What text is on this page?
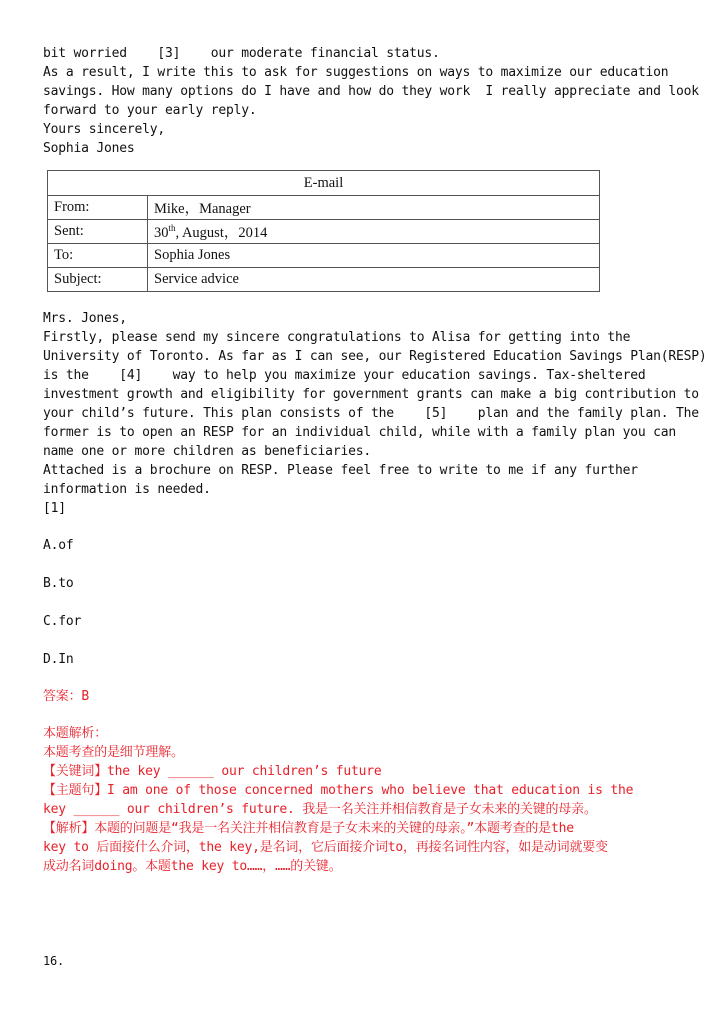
bit worried    [3]    our moderate financial status.
As a result, I write this to ask for suggestions on ways to maximize our education
savings. How many options do I have and how do they work  I really appreciate and look
forward to your early reply.
Yours sincerely,
Sophia Jones
E-mail	
From:	Mike，Manager
Sent:	30th, August，2014
To:	Sophia Jones
Subject:	Service advice
Mrs. Jones,
Firstly, please send my sincere congratulations to Alisa for getting into the
University of Toronto. As far as I can see, our Registered Education Savings Plan(RESP)
is the    [4]    way to help you maximize your education savings. Tax-sheltered
investment growth and eligibility for government grants can make a big contribution to
your child’s future. This plan consists of the    [5]    plan and the family plan. The
former is to open an RESP for an individual child, while with a family plan you can
name one or more children as beneficiaries.
Attached is a brochure on RESP. Please feel free to write to me if any further
information is needed.
[1]
A.of
B.to
C.for
D.In
答案：B
本题解析：
本题考查的是细节理解。
【关键词】the key ______ our children’s future
【主题句】I am one of those concerned mothers who believe that education is the
key ______ our children’s future. 我是一名关注并相信教育是子女未来的关键的母亲。
【解析】本题的问题是“我是一名关注并相信教育是子女未来的关键的母亲。”本题考查的是the
key to 后面接什么介词，the key,是名词，它后面接介词to，再接名词性内容，如是动词就要变
成动名词doing。本题the key to……，……的关键。
16.
